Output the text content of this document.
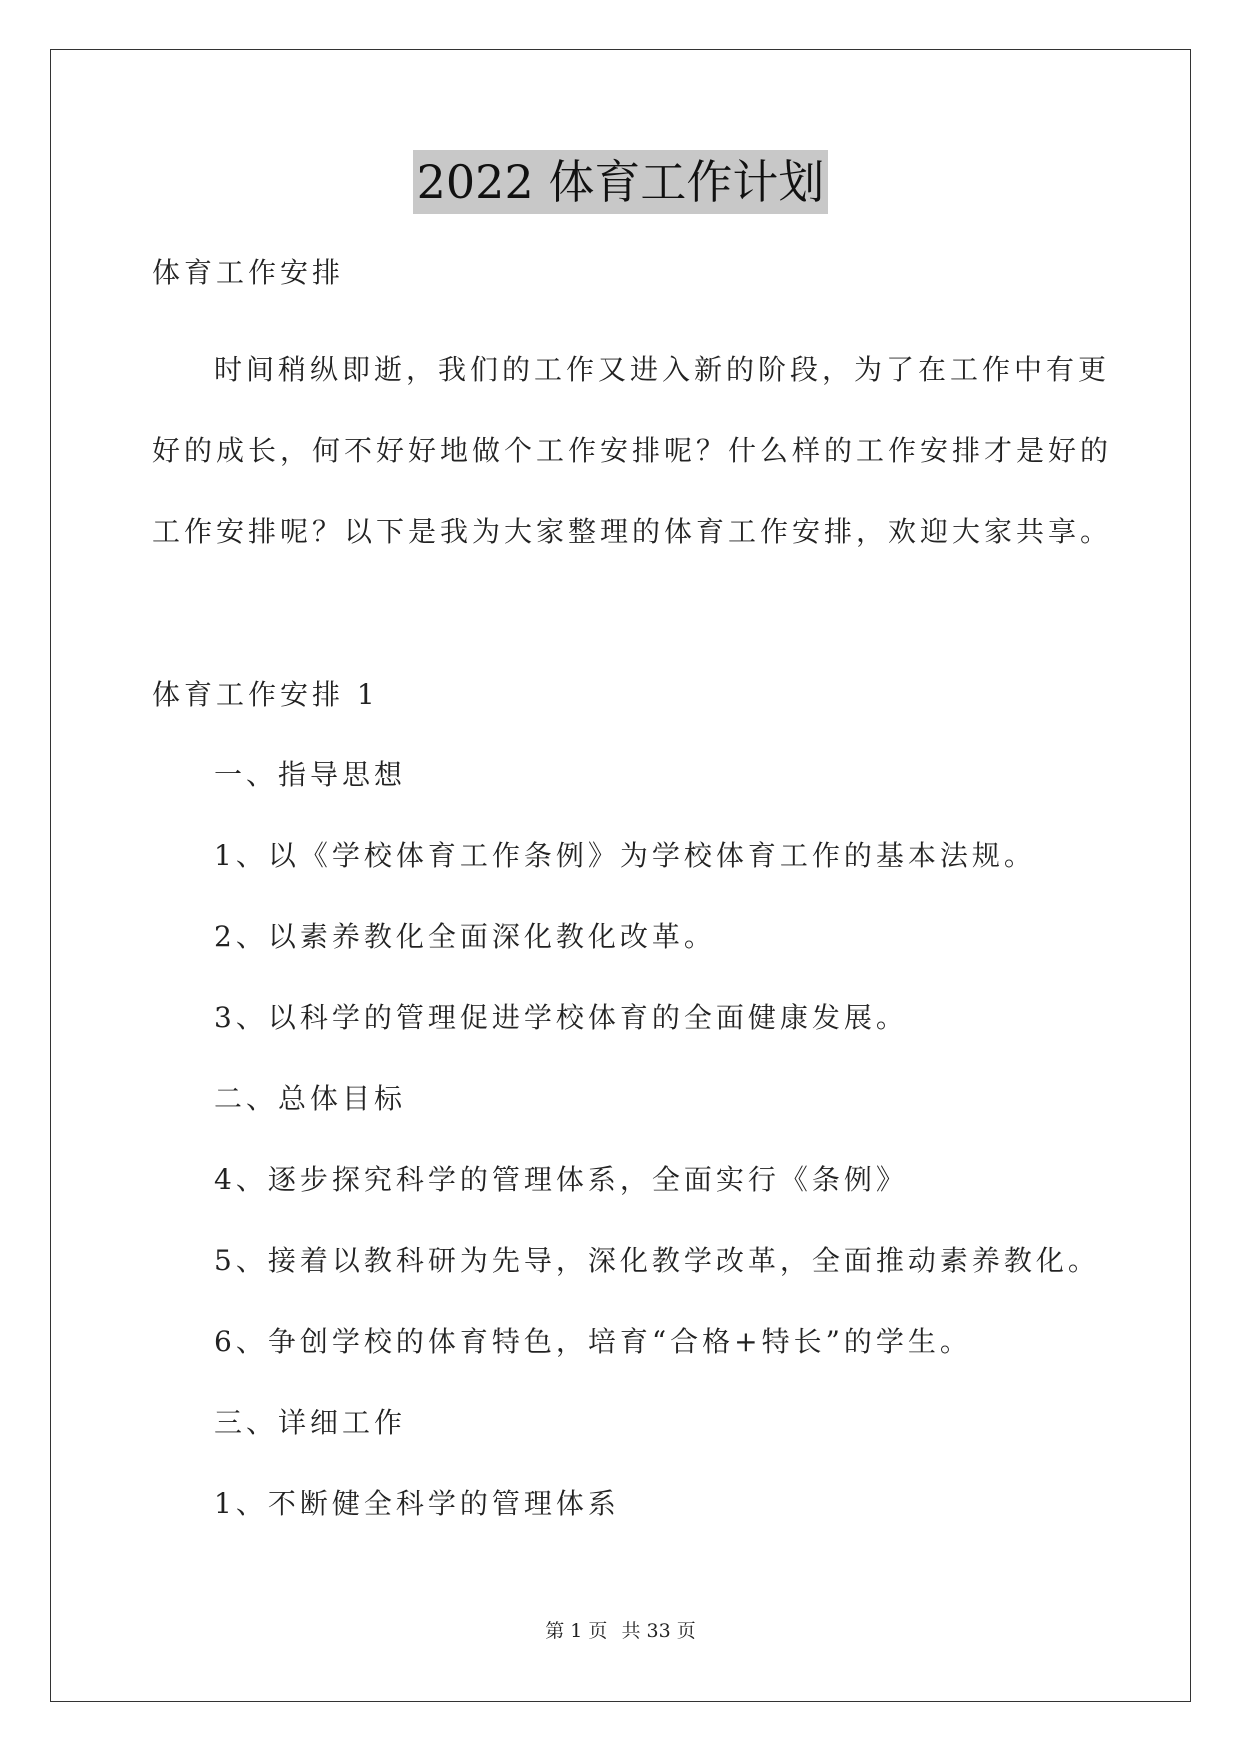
2022 体育工作计划
体育工作安排
时间稍纵即逝，我们的工作又进入新的阶段，为了在工作中有更
好的成长，何不好好地做个工作安排呢？什么样的工作安排才是好的
工作安排呢？以下是我为大家整理的体育工作安排，欢迎大家共享。
体育工作安排 1
一、指导思想
1、以《学校体育工作条例》为学校体育工作的基本法规。
2、以素养教化全面深化教化改革。
3、以科学的管理促进学校体育的全面健康发展。
二、总体目标
4、逐步探究科学的管理体系，全面实行《条例》
5、接着以教科研为先导，深化教学改革，全面推动素养教化。
6、争创学校的体育特色，培育“合格+特长”的学生。
三、详细工作
1、不断健全科学的管理体系
第 1 页 共 33 页
